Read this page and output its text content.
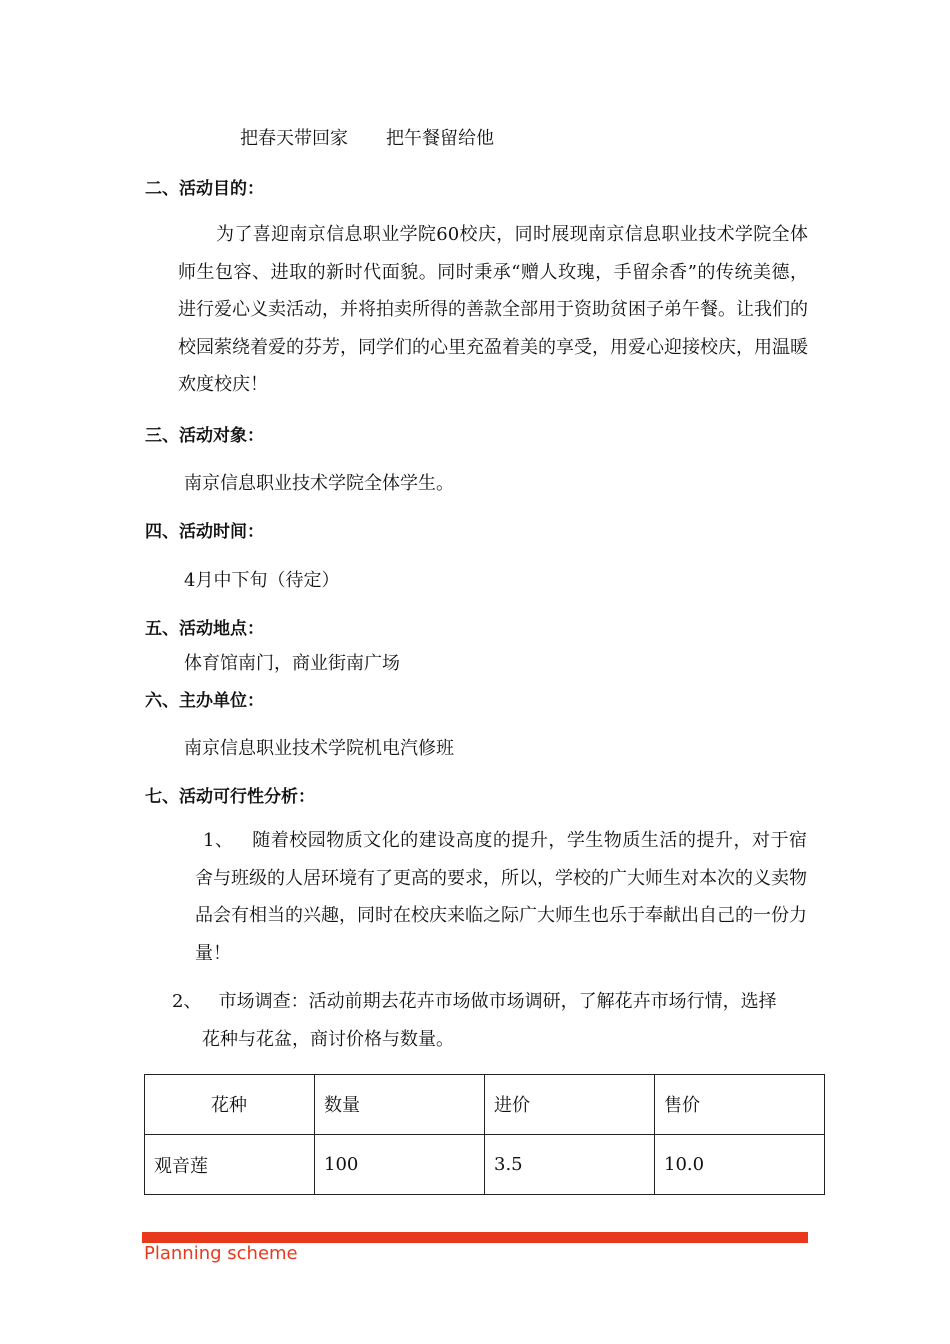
把春天带回家 把午餐留给他
二、活动目的：
为了喜迎南京信息职业学院60校庆，同时展现南京信息职业技术学院全体师生包容、进取的新时代面貌。同时秉承“赠人玫瑰，手留余香”的传统美德，进行爱心义卖活动，并将拍卖所得的善款全部用于资助贫困子弟午餐。让我们的校园萦绕着爱的芬芳，同学们的心里充盈着美的享受，用爱心迎接校庆，用温暖欢度校庆！
三、活动对象：
南京信息职业技术学院全体学生。
四、活动时间：
4月中下旬（待定）
五、活动地点：
体育馆南门，商业街南广场
六、主办单位：
南京信息职业技术学院机电汽修班
七、活动可行性分析：
1、 随着校园物质文化的建设高度的提升，学生物质生活的提升，对于宿舍与班级的人居环境有了更高的要求，所以，学校的广大师生对本次的义卖物品会有相当的兴趣，同时在校庆来临之际广大师生也乐于奉献出自己的一份力量！
2、 市场调查：活动前期去花卉市场做市场调研，了解花卉市场行情，选择
花种与花盆，商讨价格与数量。
花种	数量	进价	售价
观音莲	100	3.5	10.0
Planning scheme
